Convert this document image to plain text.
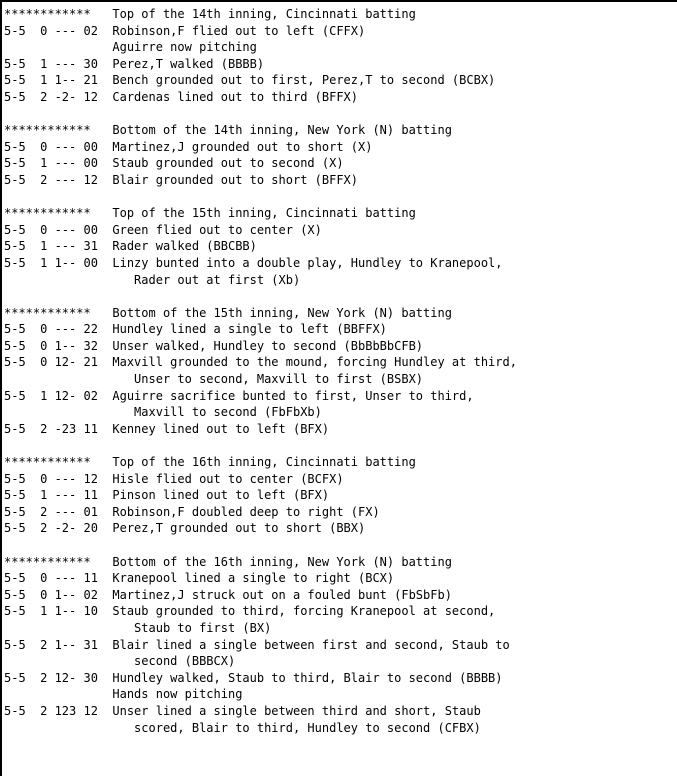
************   Top of the 14th inning, Cincinnati batting
5-5  0 --- 02  Robinson,F flied out to left (CFFX)
Aguirre now pitching
5-5  1 --- 30  Perez,T walked (BBBB)
5-5  1 1-- 21  Bench grounded out to first, Perez,T to second (BCBX)
5-5  2 -2- 12  Cardenas lined out to third (BFFX)
************   Bottom of the 14th inning, New York (N) batting
5-5  0 --- 00  Martinez,J grounded out to short (X)
5-5  1 --- 00  Staub grounded out to second (X)
5-5  2 --- 12  Blair grounded out to short (BFFX)
************   Top of the 15th inning, Cincinnati batting
5-5  0 --- 00  Green flied out to center (X)
5-5  1 --- 31  Rader walked (BBCBB)
5-5  1 1-- 00  Linzy bunted into a double play, Hundley to Kranepool,
Rader out at first (Xb)
************   Bottom of the 15th inning, New York (N) batting
5-5  0 --- 22  Hundley lined a single to left (BBFFX)
5-5  0 1-- 32  Unser walked, Hundley to second (BbBbBbCFB)
5-5  0 12- 21  Maxvill grounded to the mound, forcing Hundley at third,
Unser to second, Maxvill to first (BSBX)
5-5  1 12- 02  Aguirre sacrifice bunted to first, Unser to third,
Maxvill to second (FbFbXb)
5-5  2 -23 11  Kenney lined out to left (BFX)
************   Top of the 16th inning, Cincinnati batting
5-5  0 --- 12  Hisle flied out to center (BCFX)
5-5  1 --- 11  Pinson lined out to left (BFX)
5-5  2 --- 01  Robinson,F doubled deep to right (FX)
5-5  2 -2- 20  Perez,T grounded out to short (BBX)
************   Bottom of the 16th inning, New York (N) batting
5-5  0 --- 11  Kranepool lined a single to right (BCX)
5-5  0 1-- 02  Martinez,J struck out on a fouled bunt (FbSbFb)
5-5  1 1-- 10  Staub grounded to third, forcing Kranepool at second,
Staub to first (BX)
5-5  2 1-- 31  Blair lined a single between first and second, Staub to
second (BBBCX)
5-5  2 12- 30  Hundley walked, Staub to third, Blair to second (BBBB)
Hands now pitching
5-5  2 123 12  Unser lined a single between third and short, Staub
scored, Blair to third, Hundley to second (CFBX)
